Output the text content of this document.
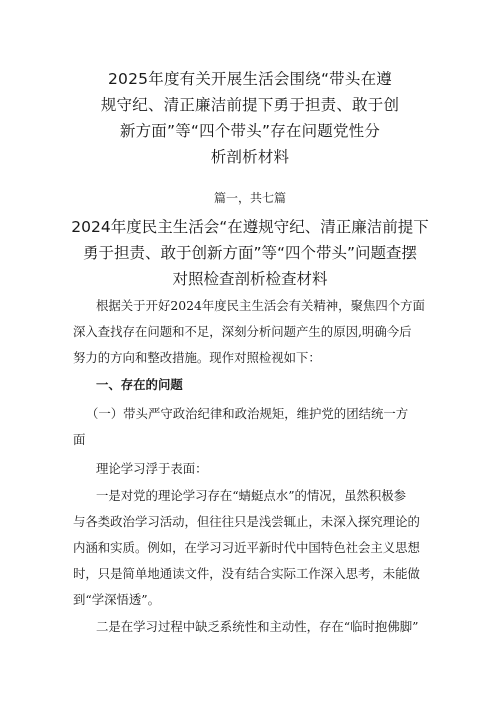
2025年度有关开展生活会围绕“带头在遵
规守纪、清正廉洁前提下勇于担责、敢于创
新方面”等“四个带头”存在问题党性分
析剖析材料
篇一，共七篇
2024年度民主生活会“在遵规守纪、清正廉洁前提下
勇于担责、敢于创新方面”等“四个带头”问题查摆
对照检查剖析检查材料
根据关于开好2024年度民主生活会有关精神，聚焦四个方面
深入查找存在问题和不足，深刻分析问题产生的原因,明确今后
努力的方向和整改措施。现作对照检视如下：
一、存在的问题
（一）带头严守政治纪律和政治规矩，维护党的团结统一方
面
理论学习浮于表面：
一是对党的理论学习存在“蜻蜓点水”的情况，虽然积极参
与各类政治学习活动，但往往只是浅尝辄止，未深入探究理论的
内涵和实质。例如，在学习习近平新时代中国特色社会主义思想
时，只是简单地通读文件，没有结合实际工作深入思考，未能做
到“学深悟透”。
二是在学习过程中缺乏系统性和主动性，存在“临时抱佛脚”
